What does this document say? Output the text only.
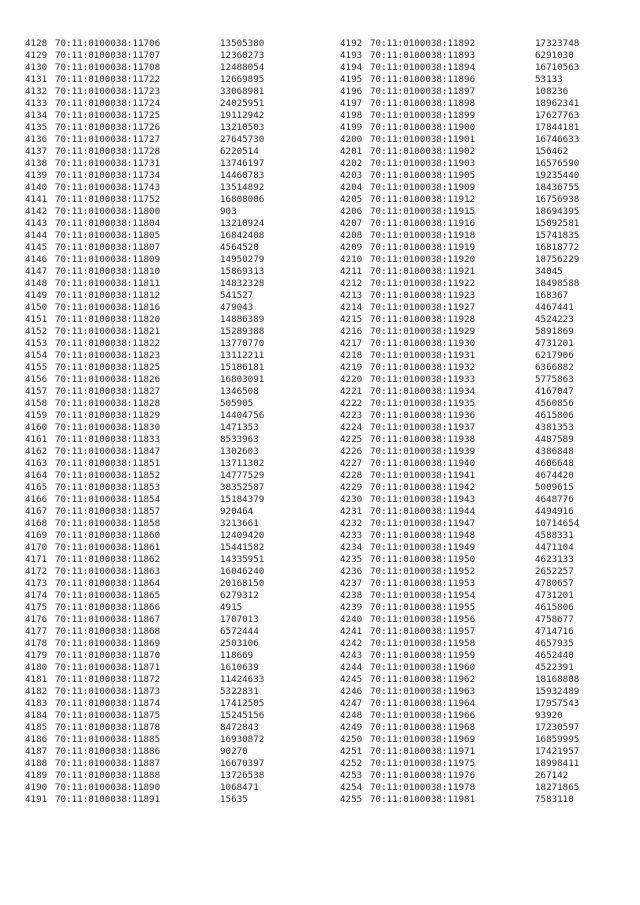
4128 70:11:0100038:11706	13505380
4129 70:11:0100038:11707	12360273
4130 70:11:0100038:11708	12488054
4131 70:11:0100038:11722	12669895
4132 70:11:0100038:11723	33068981
4133 70:11:0100038:11724	24025951
4134 70:11:0100038:11725	19112942
4135 70:11:0100038:11726	13210503
4136 70:11:0100038:11727	27645730
4137 70:11:0100038:11728	6220514
4138 70:11:0100038:11731	13746197
4139 70:11:0100038:11734	14460783
4140 70:11:0100038:11743	13514892
4141 70:11:0100038:11752	16808006
4142 70:11:0100038:11800	903
4143 70:11:0100038:11804	13210924
4144 70:11:0100038:11805	16842408
4145 70:11:0100038:11807	4564520
4146 70:11:0100038:11809	14950279
4147 70:11:0100038:11810	15869313
4148 70:11:0100038:11811	14832328
4149 70:11:0100038:11812	541527
4150 70:11:0100038:11816	479043
4151 70:11:0100038:11820	14886389
4152 70:11:0100038:11821	15289388
4153 70:11:0100038:11822	13770770
4154 70:11:0100038:11823	13112211
4155 70:11:0100038:11825	15186181
4156 70:11:0100038:11826	16803091
4157 70:11:0100038:11827	1346508
4158 70:11:0100038:11828	505905
4159 70:11:0100038:11829	14404756
4160 70:11:0100038:11830	1471353
4161 70:11:0100038:11833	8533963
4162 70:11:0100038:11847	1302603
4163 70:11:0100038:11851	13711302
4164 70:11:0100038:11852	14777529
4165 70:11:0100038:11853	38352587
4166 70:11:0100038:11854	15184379
4167 70:11:0100038:11857	920464
4168 70:11:0100038:11858	3213661
4169 70:11:0100038:11860	12409420
4170 70:11:0100038:11861	15441582
4171 70:11:0100038:11862	14335951
4172 70:11:0100038:11863	16046240
4173 70:11:0100038:11864	20168150
4174 70:11:0100038:11865	6279312
4175 70:11:0100038:11866	4915
4176 70:11:0100038:11867	1707013
4177 70:11:0100038:11868	6572444
4178 70:11:0100038:11869	2503106
4179 70:11:0100038:11870	118669
4180 70:11:0100038:11871	1610639
4181 70:11:0100038:11872	11424633
4182 70:11:0100038:11873	5322831
4183 70:11:0100038:11874	17412505
4184 70:11:0100038:11875	15245156
4185 70:11:0100038:11878	8472843
4186 70:11:0100038:11885	16930872
4187 70:11:0100038:11886	90270
4188 70:11:0100038:11887	16670397
4189 70:11:0100038:11888	13726538
4190 70:11:0100038:11890	1068471
4191 70:11:0100038:11891	15635
4192 70:11:0100038:11892	17323748
4193 70:11:0100038:11893	6291030
4194 70:11:0100038:11894	16710563
4195 70:11:0100038:11896	53133
4196 70:11:0100038:11897	108236
4197 70:11:0100038:11898	18962341
4198 70:11:0100038:11899	17627763
4199 70:11:0100038:11900	17844181
4200 70:11:0100038:11901	16746633
4201 70:11:0100038:11902	156462
4202 70:11:0100038:11903	16576590
4203 70:11:0100038:11905	19235440
4204 70:11:0100038:11909	18436755
4205 70:11:0100038:11912	16756938
4206 70:11:0100038:11915	18694395
4207 70:11:0100038:11916	15092581
4208 70:11:0100038:11918	15741835
4209 70:11:0100038:11919	16818772
4210 70:11:0100038:11920	18756229
4211 70:11:0100038:11921	34045
4212 70:11:0100038:11922	18498588
4213 70:11:0100038:11923	168367
4214 70:11:0100038:11927	4467441
4215 70:11:0100038:11928	4524223
4216 70:11:0100038:11929	5891869
4217 70:11:0100038:11930	4731201
4218 70:11:0100038:11931	6217906
4219 70:11:0100038:11932	6366882
4220 70:11:0100038:11933	5775863
4221 70:11:0100038:11934	4167047
4222 70:11:0100038:11935	4560856
4223 70:11:0100038:11936	4615806
4224 70:11:0100038:11937	4381353
4225 70:11:0100038:11938	4487589
4226 70:11:0100038:11939	4386848
4227 70:11:0100038:11940	4606648
4228 70:11:0100038:11941	4674420
4229 70:11:0100038:11942	5009615
4230 70:11:0100038:11943	4648776
4231 70:11:0100038:11944	4494916
4232 70:11:0100038:11947	10714654
4233 70:11:0100038:11948	4588331
4234 70:11:0100038:11949	4471104
4235 70:11:0100038:11950	4623133
4236 70:11:0100038:11952	2652257
4237 70:11:0100038:11953	4780657
4238 70:11:0100038:11954	4731201
4239 70:11:0100038:11955	4615806
4240 70:11:0100038:11956	4758677
4241 70:11:0100038:11957	4714716
4242 70:11:0100038:11958	4657935
4243 70:11:0100038:11959	4652440
4244 70:11:0100038:11960	4522391
4245 70:11:0100038:11962	18168808
4246 70:11:0100038:11963	15932489
4247 70:11:0100038:11964	17957543
4248 70:11:0100038:11966	93920
4249 70:11:0100038:11968	17230597
4250 70:11:0100038:11969	16859995
4251 70:11:0100038:11971	17421957
4252 70:11:0100038:11975	18998411
4253 70:11:0100038:11976	267142
4254 70:11:0100038:11978	18271865
4255 70:11:0100038:11981	7583110
